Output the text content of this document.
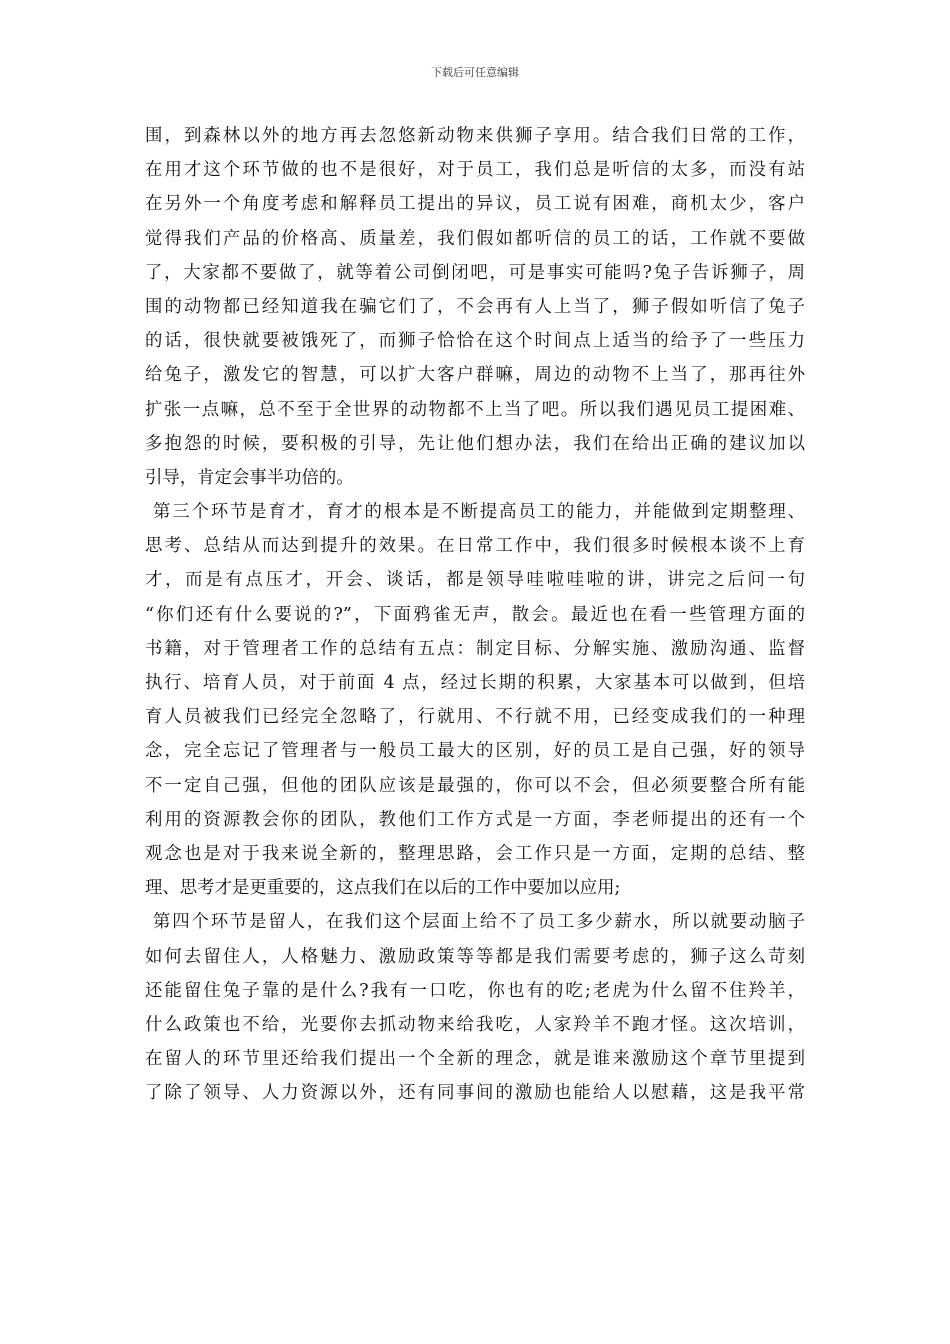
下载后可任意编辑
围，到森林以外的地方再去忽悠新动物来供狮子享用。结合我们日常的工作，
在用才这个环节做的也不是很好，对于员工，我们总是听信的太多，而没有站
在另外一个角度考虑和解释员工提出的异议，员工说有困难，商机太少，客户
觉得我们产品的价格高、质量差，我们假如都听信的员工的话，工作就不要做
了，大家都不要做了，就等着公司倒闭吧，可是事实可能吗?兔子告诉狮子，周
围的动物都已经知道我在骗它们了，不会再有人上当了，狮子假如听信了兔子
的话，很快就要被饿死了，而狮子恰恰在这个时间点上适当的给予了一些压力
给兔子，激发它的智慧，可以扩大客户群嘛，周边的动物不上当了，那再往外
扩张一点嘛，总不至于全世界的动物都不上当了吧。所以我们遇见员工提困难、
多抱怨的时候，要积极的引导，先让他们想办法，我们在给出正确的建议加以
引导，肯定会事半功倍的。
第三个环节是育才，育才的根本是不断提高员工的能力，并能做到定期整理、
思考、总结从而达到提升的效果。在日常工作中，我们很多时候根本谈不上育
才，而是有点压才，开会、谈话，都是领导哇啦哇啦的讲，讲完之后问一句
“你们还有什么要说的?”，下面鸦雀无声，散会。最近也在看一些管理方面的
书籍，对于管理者工作的总结有五点：制定目标、分解实施、激励沟通、监督
执行、培育人员，对于前面 4 点，经过长期的积累，大家基本可以做到，但培
育人员被我们已经完全忽略了，行就用、不行就不用，已经变成我们的一种理
念，完全忘记了管理者与一般员工最大的区别，好的员工是自己强，好的领导
不一定自己强，但他的团队应该是最强的，你可以不会，但必须要整合所有能
利用的资源教会你的团队，教他们工作方式是一方面，李老师提出的还有一个
观念也是对于我来说全新的，整理思路，会工作只是一方面，定期的总结、整
理、思考才是更重要的，这点我们在以后的工作中要加以应用;
第四个环节是留人，在我们这个层面上给不了员工多少薪水，所以就要动脑子
如何去留住人，人格魅力、激励政策等等都是我们需要考虑的，狮子这么苛刻
还能留住兔子靠的是什么?我有一口吃，你也有的吃;老虎为什么留不住羚羊，
什么政策也不给，光要你去抓动物来给我吃，人家羚羊不跑才怪。这次培训，
在留人的环节里还给我们提出一个全新的理念，就是谁来激励这个章节里提到
了除了领导、人力资源以外，还有同事间的激励也能给人以慰藉，这是我平常
